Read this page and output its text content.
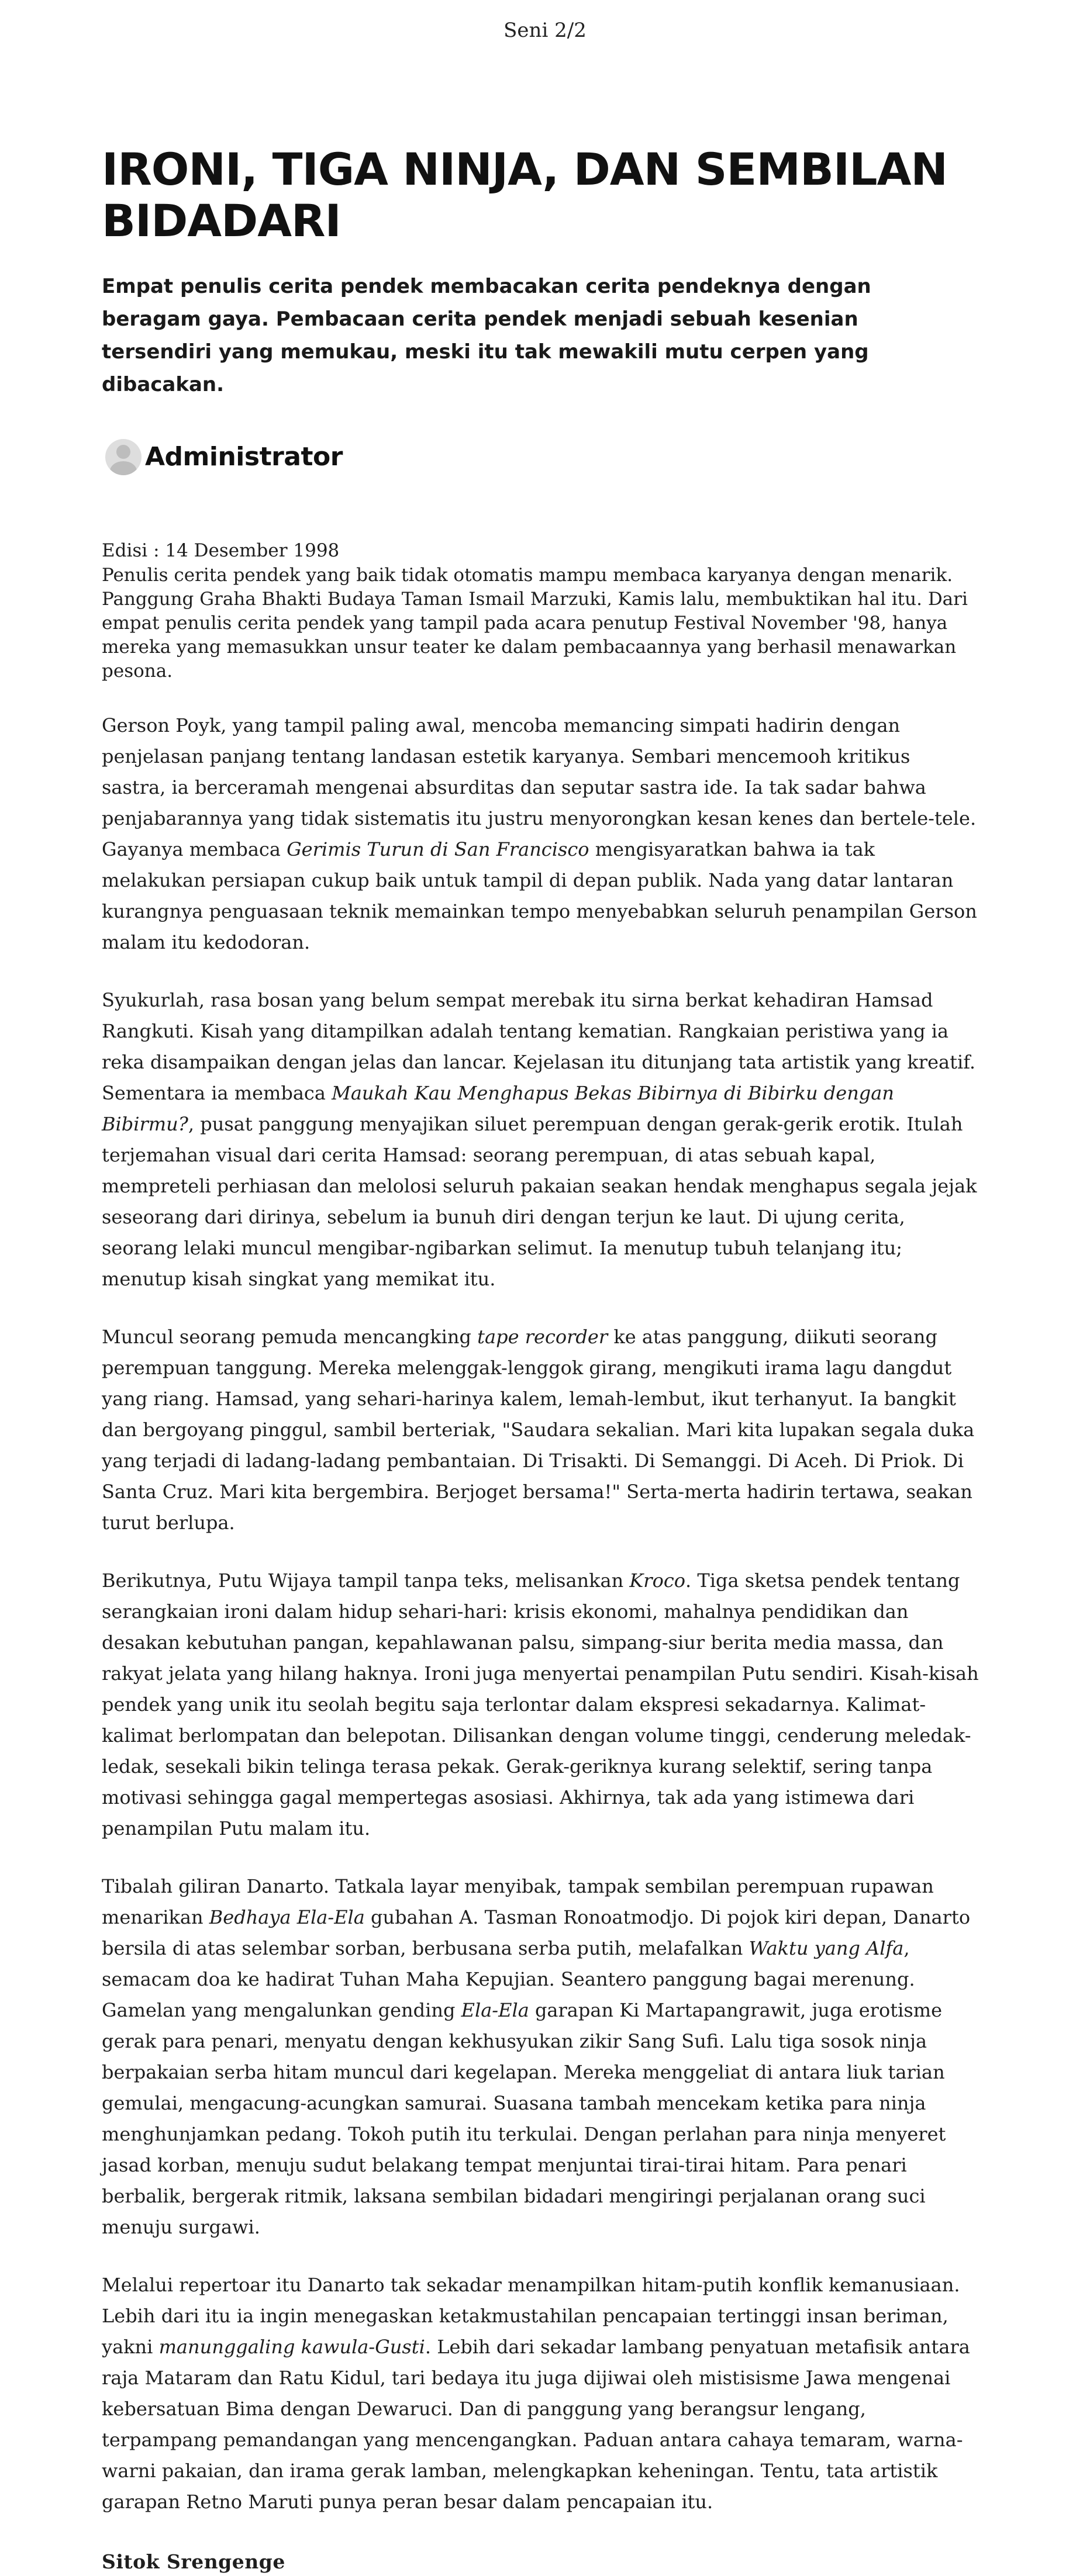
Seni 2/2
IRONI, TIGA NINJA, DAN SEMBILAN BIDADARI

Empat penulis cerita pendek membacakan cerita pendeknya dengan beragam gaya. Pembacaan cerita pendek menjadi sebuah kesenian tersendiri yang memukau, meski itu tak mewakili mutu cerpen yang dibacakan.

Administrator
Edisi : 14 Desember 1998

Penulis cerita pendek yang baik tidak otomatis mampu membaca karyanya dengan menarik. Panggung Graha Bhakti Budaya Taman Ismail Marzuki, Kamis lalu, membuktikan hal itu. Dari empat penulis cerita pendek yang tampil pada acara penutup Festival November '98, hanya mereka yang memasukkan unsur teater ke dalam pembacaannya yang berhasil menawarkan pesona.

Gerson Poyk, yang tampil paling awal, mencoba memancing simpati hadirin dengan penjelasan panjang tentang landasan estetik karyanya. Sembari mencemooh kritikus sastra, ia berceramah mengenai absurditas dan seputar sastra ide. Ia tak sadar bahwa penjabarannya yang tidak sistematis itu justru menyorongkan kesan kenes dan bertele-tele. Gayanya membaca Gerimis Turun di San Francisco mengisyaratkan bahwa ia tak melakukan persiapan cukup baik untuk tampil di depan publik. Nada yang datar lantaran kurangnya penguasaan teknik memainkan tempo menyebabkan seluruh penampilan Gerson malam itu kedodoran.

Syukurlah, rasa bosan yang belum sempat merebak itu sirna berkat kehadiran Hamsad Rangkuti. Kisah yang ditampilkan adalah tentang kematian. Rangkaian peristiwa yang ia reka disampaikan dengan jelas dan lancar. Kejelasan itu ditunjang tata artistik yang kreatif. Sementara ia membaca Maukah Kau Menghapus Bekas Bibirnya di Bibirku dengan Bibirmu?, pusat panggung menyajikan siluet perempuan dengan gerak-gerik erotik. Itulah terjemahan visual dari cerita Hamsad: seorang perempuan, di atas sebuah kapal, mempreteli perhiasan dan melolosi seluruh pakaian seakan hendak menghapus segala jejak seseorang dari dirinya, sebelum ia bunuh diri dengan terjun ke laut. Di ujung cerita, seorang lelaki muncul mengibar-ngibarkan selimut. Ia menutup tubuh telanjang itu; menutup kisah singkat yang memikat itu.

Muncul seorang pemuda mencangking tape recorder ke atas panggung, diikuti seorang perempuan tanggung. Mereka melenggak-lenggok girang, mengikuti irama lagu dangdut yang riang. Hamsad, yang sehari-harinya kalem, lemah-lembut, ikut terhanyut. Ia bangkit dan bergoyang pinggul, sambil berteriak, "Saudara sekalian. Mari kita lupakan segala duka yang terjadi di ladang-ladang pembantaian. Di Trisakti. Di Semanggi. Di Aceh. Di Priok. Di Santa Cruz. Mari kita bergembira. Berjoget bersama!" Serta-merta hadirin tertawa, seakan turut berlupa.

Berikutnya, Putu Wijaya tampil tanpa teks, melisankan Kroco. Tiga sketsa pendek tentang serangkaian ironi dalam hidup sehari-hari: krisis ekonomi, mahalnya pendidikan dan desakan kebutuhan pangan, kepahlawanan palsu, simpang-siur berita media massa, dan rakyat jelata yang hilang haknya. Ironi juga menyertai penampilan Putu sendiri. Kisah-kisah pendek yang unik itu seolah begitu saja terlontar dalam ekspresi sekadarnya. Kalimat-kalimat berlompatan dan belepotan. Dilisankan dengan volume tinggi, cenderung meledak-ledak, sesekali bikin telinga terasa pekak. Gerak-geriknya kurang selektif, sering tanpa motivasi sehingga gagal mempertegas asosiasi. Akhirnya, tak ada yang istimewa dari penampilan Putu malam itu.

Tibalah giliran Danarto. Tatkala layar menyibak, tampak sembilan perempuan rupawan menarikan Bedhaya Ela-Ela gubahan A. Tasman Ronoatmodjo. Di pojok kiri depan, Danarto bersila di atas selembar sorban, berbusana serba putih, melafalkan Waktu yang Alfa, semacam doa ke hadirat Tuhan Maha Kepujian. Seantero panggung bagai merenung. Gamelan yang mengalunkan gending Ela-Ela garapan Ki Martapangrawit, juga erotisme gerak para penari, menyatu dengan kekhusyukan zikir Sang Sufi. Lalu tiga sosok ninja berpakaian serba hitam muncul dari kegelapan. Mereka menggeliat di antara liuk tarian gemulai, mengacung-acungkan samurai. Suasana tambah mencekam ketika para ninja menghunjamkan pedang. Tokoh putih itu terkulai. Dengan perlahan para ninja menyeret jasad korban, menuju sudut belakang tempat menjuntai tirai-tirai hitam. Para penari berbalik, bergerak ritmik, laksana sembilan bidadari mengiringi perjalanan orang suci menuju surgawi.

Melalui repertoar itu Danarto tak sekadar menampilkan hitam-putih konflik kemanusiaan. Lebih dari itu ia ingin menegaskan ketakmustahilan pencapaian tertinggi insan beriman, yakni manunggaling kawula-Gusti. Lebih dari sekadar lambang penyatuan metafisik antara raja Mataram dan Ratu Kidul, tari bedaya itu juga dijiwai oleh mistisisme Jawa mengenai kebersatuan Bima dengan Dewaruci. Dan di panggung yang berangsur lengang, terpampang pemandangan yang mencengangkan. Paduan antara cahaya temaram, warna-warni pakaian, dan irama gerak lamban, melengkapkan keheningan. Tentu, tata artistik garapan Retno Maruti punya peran besar dalam pencapaian itu.

Sitok Srengenge
